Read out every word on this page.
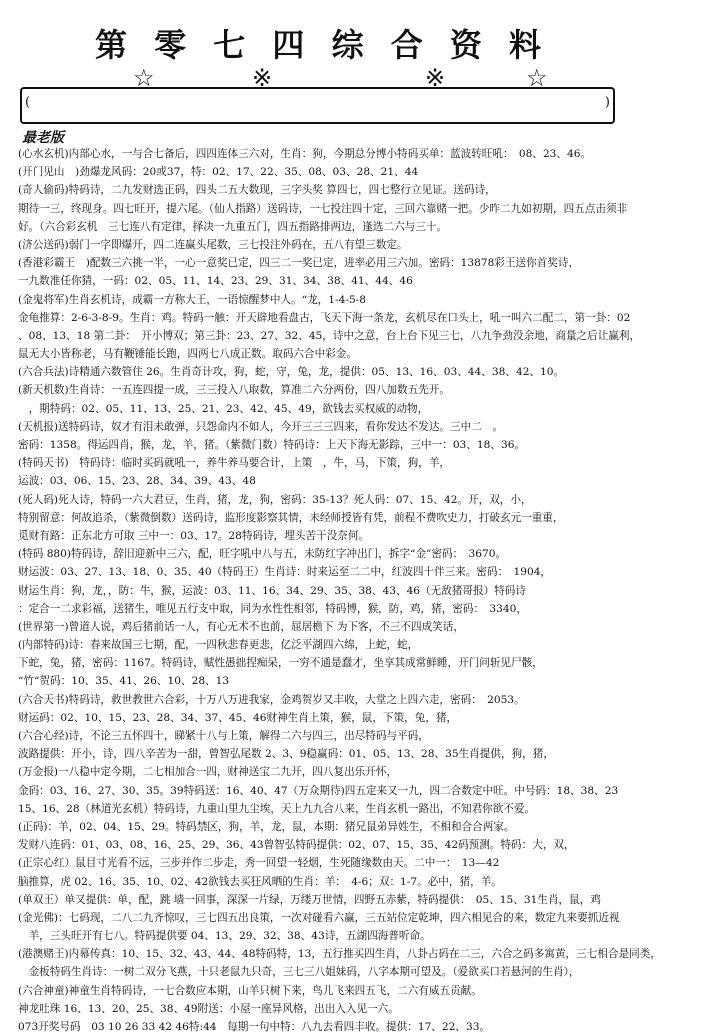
第 零 七 四 综 合 资 料
☆	※	※	☆
(	)
最老版
(心水玄机)内部心水，一与合七备后，四四连体三六对，生肖：狗，今期总分博小特码买单：蓝波转旺吼：　08、23、46。
(开门见山　)劲爆龙风码：20或37，特：02、17、22、35、08、03、28、21、44
(奇人偷码)特码诗，二九发财选正码，四头二五大数现，三字头奖 算四七，四七整行立见证。送码诗，
期待一三，终现身。四七旺开，提六尾。（仙人指路）送码诗，一七投注四十定，三回六靠赌一把。少昨二九如初期，四五点击须非
好。（六合彩玄机　三七连八有定律，择决一九重五门，四五指路排两边，逢选二六与三十。
(济公送码)弱门一字即爆开，四二连赢头尾数，三七投注外码在，五八有望三数定。
(香港彩霸王　)配数三六挑一半，一心一意奖已定，四三二一奖已定，进率必用三六加。密码：13878彩王送你首奖诗，
一九数准任你猜，一码：02、05、11、14、23、29、31、34、38、41、44、46
(金鬼将军)生肖玄机诗，成霸一方称大王，一语惊醒梦中人。“龙，1-4-5-8
金龟推算：2-6-3-8-9。生肖：鸡。特码一触：开天辟地看盘古，飞天下海一条龙，玄机尽在口头上，吼一叫六二配二，第一卦：02
、08、13、18 第二卦：　开小博双；第三卦：23、27、32、45，诗中之意，台上台下见三七，八九争劲没余地，商量之后让赢利，
鼠无大小皆称老，马有鞭锤能长跑，四两七八成正数。取码六合中彩金。
(六合兵法)诗精通六数管住 26。生肖奇计攻，狗，蛇，守，兔，龙，提供：05、13、16、03、44、38、42、10。
(新天机数)生肖诗：一五连四提一成，三三投入八取数，算准二六分两份，四八加数五先开。
　，期特码：02、05、11、13、25、21、23、42、45、49，欲钱去买权威的动物，
(天机报)送特码诗，奴才有泪未敢弹，只怨命内不如人，今开三三三四来，看你发达不发达。三中二　。
密码：1358。得运四肖，猴，龙，羊，猪。（紫微门数）特码诗：上天下海无影踪，三中一：03、18、36。
(特码天书)　特码诗：临时买码就吼一，养牛养马要合计，上策　，牛，马，下策，狗，羊，
运波：03、06、15、23、28、34、39、43、48
(死人码)死人诗，特码一六大君豆，生肖，猪，龙，狗，密码：35-13？死人码：07、15、42。开，双，小，
特别留意：何故追杀，（紫微倒数）送码诗，监形度影察其情，未经师授皆有凭，前程不费吹史力，打破玄元一重重，
觅财有路：正东北方可取 三中一：03、17。28特码诗，埋头苦干没奈何。
(特码 880)特码诗，辞旧迎新中三六，配，旺字吼中八与五，未防红字冲出门，拆字“金”密码：　3670。
财运波：03、27、13、18、0、35、40（特码王）生肖诗：时来运至二二中，红波四十伴三来。密码：　1904，
财运生肖：狗，龙，，防：牛，猴，运波：03、11、16、34、29、35、38、43、46（无敌猪哥报）特码诗
：定合一二求彩福，送猪生，唯见五行支中取，同为水性性相邻，特码博，猴，防，鸡，猪，密码：　3340，
(世界第一)曾道人说，鸡后猪前话一人，有心无术不也前，屈居檐下 为下客，不三不四成笑话，
(内部特码)诗：春来故国三七期，配，一四秋悲春更悲，亿泛平湖四六绵，上蛇，蛇，
下蛇，兔，猪，密码：1167。特码诗，赋性愚拙捏痴呆，一穷不通是蠢才，坐享其成常鲜睡，开门问斩见尸骸，
“竹“贺码：10、35、41、26、10、28、13
(六合天书)特码诗，救世教世六合彩，十万八万进我家，金鸡贺岁又丰收，大堂之上四六走，密码：　2053。
财运码：02、10、15、23、28、34、37、45、46财神生肖上策，猴，鼠，下策，兔，猪，
(六合心经)诗，不论三五怀四十，睇紧十八与上策，解得二六与四三，出尽特码与平码，
波路提供：开小，诗，四八辛苦为一甜，曾智弘尾数 2、3、9稳赢码：01、05、13、28、35生肖提供，狗，猪，
(万金报)一八稳中定今期，二七相加合一四，财神送宝二九开，四八复出乐开怀，
金码：03、16、27、30、35。39特码送：16、40、47（万众期待)四五定来又一九，四二合数定中旺。中号码：18、38、23
15、16、28（林道光玄机）特码诗，九重山里九尘埃，天上九九合八来，生肖玄机一路出，不知君你欲不爱。
(正码)：羊，02、04、15、29。特码禁区，狗，羊，龙，鼠，本期：猪兄鼠弟异姓生，不相和合合两家。
发财八连码：01、03、08、16、25、29、36、43曾智弘特码提供：02、07、15、35、42码预测。特码：大，双，
(正宗心红）鼠目寸光看不远，三步并作二步走，秀一回望一轻烟，生死随缘数由天。二中一：　13—42
脑推算，虎 02、16、35、10、02、42欲钱去买狂风晒的生肖：羊：　4-6；双：1-7。必中，猪，羊。
(单双王）单又提供：单，配，跳 墙一回事，深深一片绿，万缕万世情，四野五赤紫，特码提供：　05、15、31生肖，鼠，鸡
(金光佛)：七码现，二八二九齐惊叹，三七四五出良策，一次对碰看六赢，三五站位定乾坤，四六相见合的来，数定九来要抓近视
　羊，三头旺开有七八。特码提供要 04、13、29、32、38、43诗，五湖四海普听命。
(港澳赌王)内幕传真：10、15、32、43、44、48特码特，13，五行推买四生肖，八卦占码在二三，六合之码多寓黄，三七相合是同类，
　金板特码生肖诗：一树二双分飞燕，十只老鼠九只奇，三七三八姐妹码，八字本期可望及。（爱欲买口若悬河的生肖），
(六合神童)神童生肖特码诗，一七合数应本期，山羊只树下来，鸟儿飞来四五飞，二六有威五贡献。
神龙吐珠 16、13、20、25、38、49附送：小屋一座异风格，出出入入见一六。
073开奖号码　03 10 26 33 42 46特:44　每期一句中特：八九去看四丰收。提供：17、22、33。
